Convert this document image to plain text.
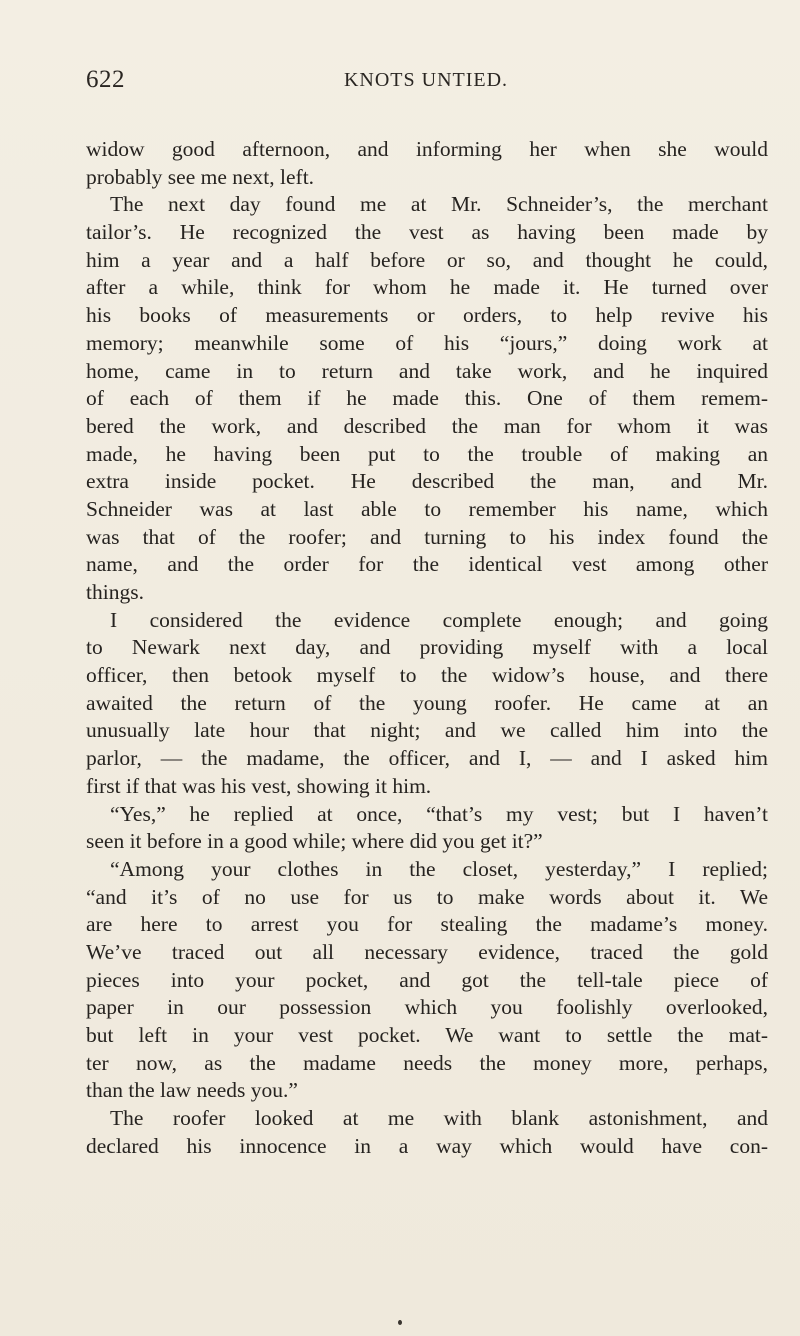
622	KNOTS UNTIED.
widow good afternoon, and informing her when she would
probably see me next, left.
The next day found me at Mr. Schneider’s, the merchant
tailor’s. He recognized the vest as having been made by
him a year and a half before or so, and thought he could,
after a while, think for whom he made it. He turned over
his books of measurements or orders, to help revive his
memory; meanwhile some of his “jours,” doing work at
home, came in to return and take work, and he inquired
of each of them if he made this. One of them remem-
bered the work, and described the man for whom it was
made, he having been put to the trouble of making an
extra inside pocket. He described the man, and Mr.
Schneider was at last able to remember his name, which
was that of the roofer; and turning to his index found the
name, and the order for the identical vest among other
things.
I considered the evidence complete enough; and going
to Newark next day, and providing myself with a local
officer, then betook myself to the widow’s house, and there
awaited the return of the young roofer. He came at an
unusually late hour that night; and we called him into the
parlor, — the madame, the officer, and I, — and I asked him
first if that was his vest, showing it him.
“Yes,” he replied at once, “that’s my vest; but I haven’t
seen it before in a good while; where did you get it?”
“Among your clothes in the closet, yesterday,” I replied;
“and it’s of no use for us to make words about it. We
are here to arrest you for stealing the madame’s money.
We’ve traced out all necessary evidence, traced the gold
pieces into your pocket, and got the tell-tale piece of
paper in our possession which you foolishly overlooked,
but left in your vest pocket. We want to settle the mat-
ter now, as the madame needs the money more, perhaps,
than the law needs you.”
The roofer looked at me with blank astonishment, and
declared his innocence in a way which would have con-
